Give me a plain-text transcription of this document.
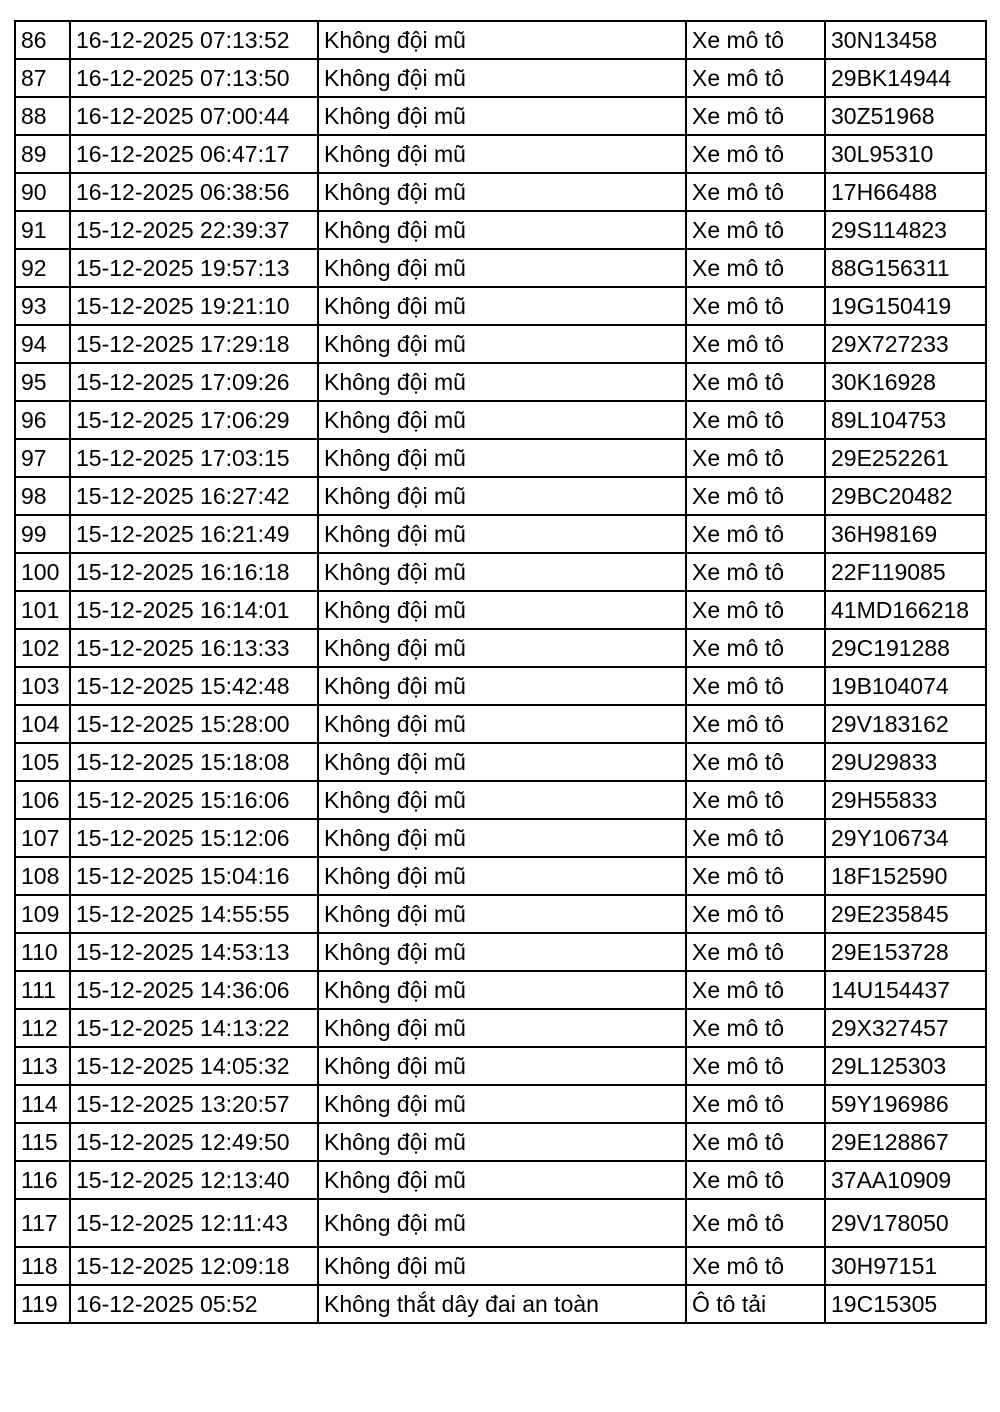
86	16-12-2025 07:13:52	Không đội mũ	Xe mô tô	30N13458
87	16-12-2025 07:13:50	Không đội mũ	Xe mô tô	29BK14944
88	16-12-2025 07:00:44	Không đội mũ	Xe mô tô	30Z51968
89	16-12-2025 06:47:17	Không đội mũ	Xe mô tô	30L95310
90	16-12-2025 06:38:56	Không đội mũ	Xe mô tô	17H66488
91	15-12-2025 22:39:37	Không đội mũ	Xe mô tô	29S114823
92	15-12-2025 19:57:13	Không đội mũ	Xe mô tô	88G156311
93	15-12-2025 19:21:10	Không đội mũ	Xe mô tô	19G150419
94	15-12-2025 17:29:18	Không đội mũ	Xe mô tô	29X727233
95	15-12-2025 17:09:26	Không đội mũ	Xe mô tô	30K16928
96	15-12-2025 17:06:29	Không đội mũ	Xe mô tô	89L104753
97	15-12-2025 17:03:15	Không đội mũ	Xe mô tô	29E252261
98	15-12-2025 16:27:42	Không đội mũ	Xe mô tô	29BC20482
99	15-12-2025 16:21:49	Không đội mũ	Xe mô tô	36H98169
100	15-12-2025 16:16:18	Không đội mũ	Xe mô tô	22F119085
101	15-12-2025 16:14:01	Không đội mũ	Xe mô tô	41MD166218
102	15-12-2025 16:13:33	Không đội mũ	Xe mô tô	29C191288
103	15-12-2025 15:42:48	Không đội mũ	Xe mô tô	19B104074
104	15-12-2025 15:28:00	Không đội mũ	Xe mô tô	29V183162
105	15-12-2025 15:18:08	Không đội mũ	Xe mô tô	29U29833
106	15-12-2025 15:16:06	Không đội mũ	Xe mô tô	29H55833
107	15-12-2025 15:12:06	Không đội mũ	Xe mô tô	29Y106734
108	15-12-2025 15:04:16	Không đội mũ	Xe mô tô	18F152590
109	15-12-2025 14:55:55	Không đội mũ	Xe mô tô	29E235845
110	15-12-2025 14:53:13	Không đội mũ	Xe mô tô	29E153728
111	15-12-2025 14:36:06	Không đội mũ	Xe mô tô	14U154437
112	15-12-2025 14:13:22	Không đội mũ	Xe mô tô	29X327457
113	15-12-2025 14:05:32	Không đội mũ	Xe mô tô	29L125303
114	15-12-2025 13:20:57	Không đội mũ	Xe mô tô	59Y196986
115	15-12-2025 12:49:50	Không đội mũ	Xe mô tô	29E128867
116	15-12-2025 12:13:40	Không đội mũ	Xe mô tô	37AA10909
117	15-12-2025 12:11:43	Không đội mũ	Xe mô tô	29V178050
118	15-12-2025 12:09:18	Không đội mũ	Xe mô tô	30H97151
119	16-12-2025 05:52	Không thắt dây đai an toàn	Ô tô tải	19C15305
